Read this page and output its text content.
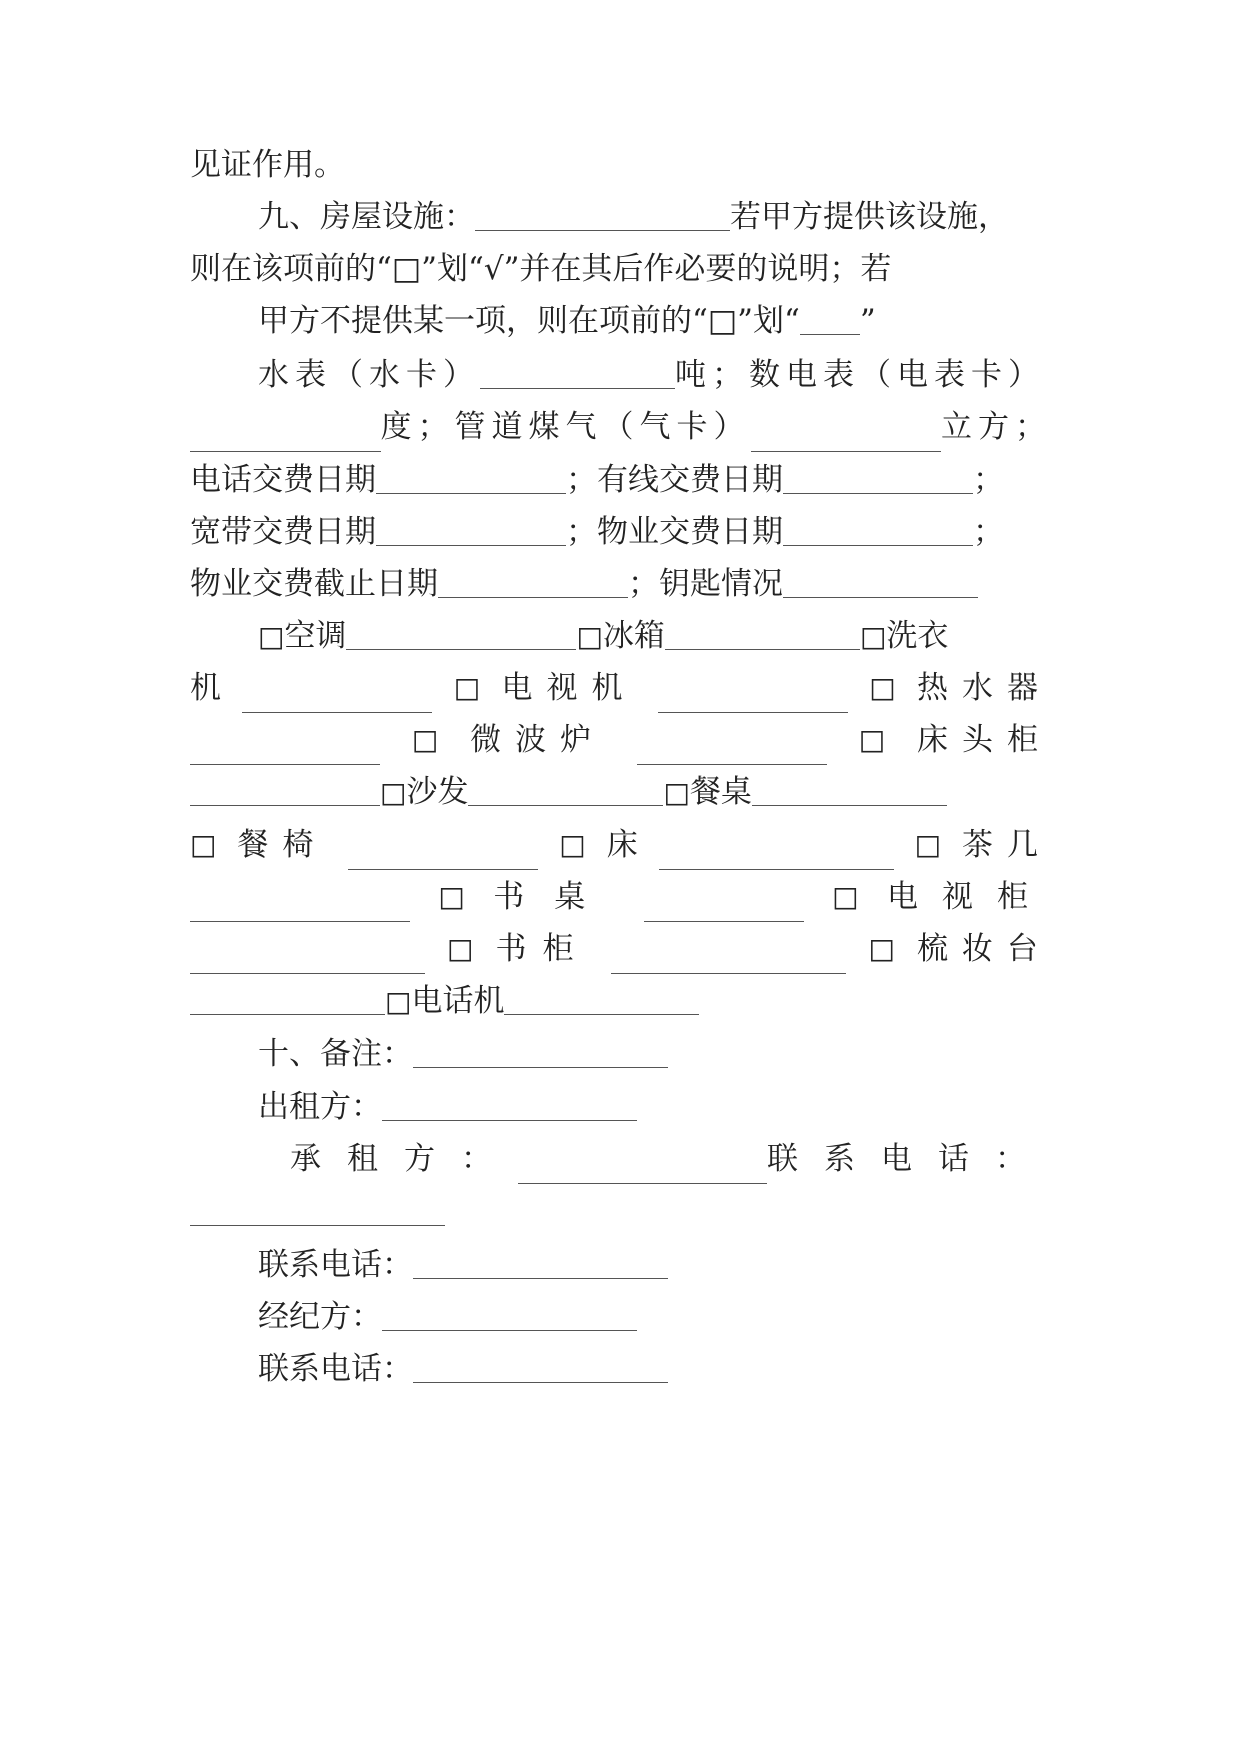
见证作用。
九、房屋设施：	若甲方提供该设施，
则在该项前的“□”划“√”并在其后作必要的说明；若
甲方不提供某一项，则在项前的“□”划“ ”
水表（水卡）	吨；数电表（电表卡）
度；管道煤气（气卡）	立方；
电话交费日期	；有线交费日期	；
宽带交费日期	；物业交费日期	；
物业交费截止日期	；钥匙情况
□空调	□冰箱	□洗衣
机	□ 电视机	□ 热水器
□ 微波炉	□ 床头柜
□沙发	□餐桌
□ 餐椅	□ 床	□ 茶几
□ 书桌	□ 电视柜
□ 书柜	□ 梳妆台
□电话机
十、备注：
出租方：
承租方：	联系电话：
联系电话：
经纪方：
联系电话：
